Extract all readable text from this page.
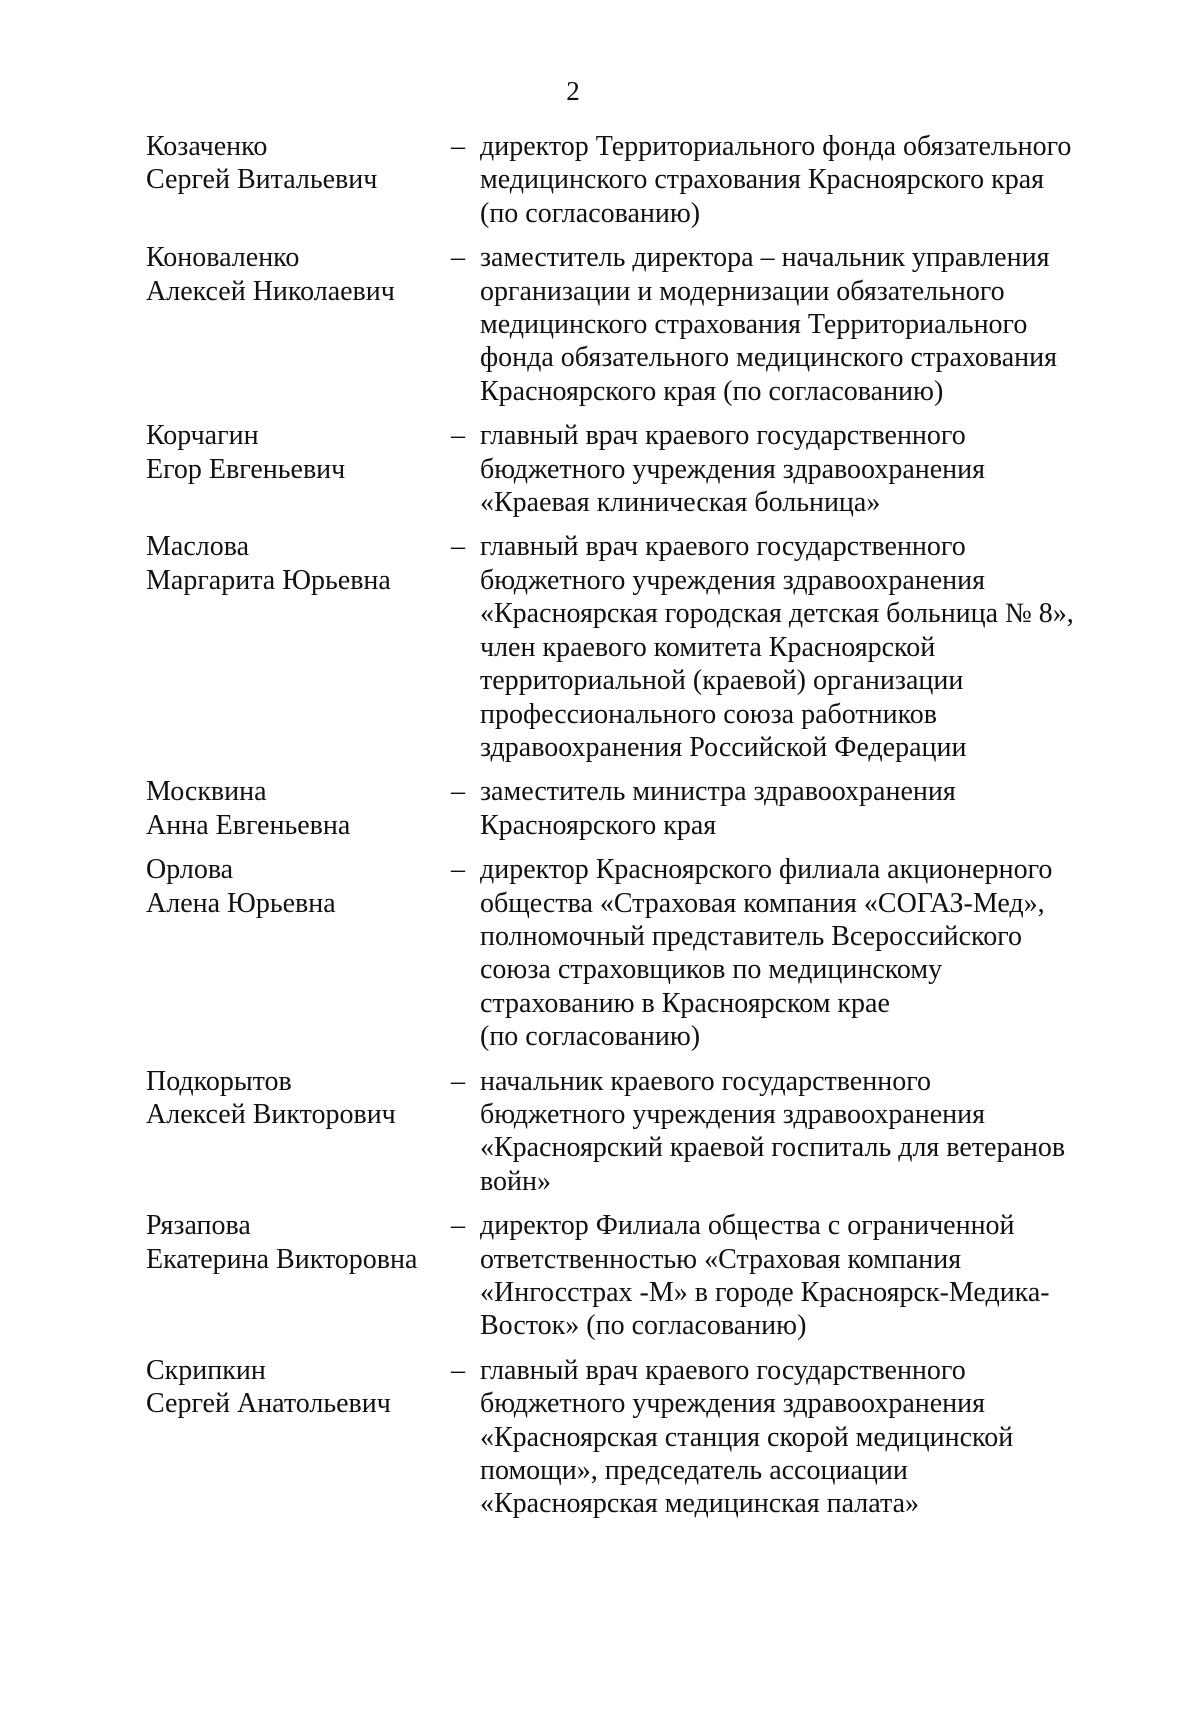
2
Козаченко
Сергей Витальевич
– директор Территориального фонда обязательного
медицинского страхования Красноярского края
(по согласованию)
Коноваленко
Алексей Николаевич
– заместитель директора – начальник управления
организации и модернизации обязательного
медицинского страхования Территориального
фонда обязательного медицинского страхования
Красноярского края (по согласованию)
Корчагин
Егор Евгеньевич
– главный врач краевого государственного
бюджетного учреждения здравоохранения
«Краевая клиническая больница»
Маслова
Маргарита Юрьевна
– главный врач краевого государственного
бюджетного учреждения здравоохранения
«Красноярская городская детская больница № 8»,
член краевого комитета Красноярской
территориальной (краевой) организации
профессионального союза работников
здравоохранения Российской Федерации
Москвина
Анна Евгеньевна
– заместитель министра здравоохранения
Красноярского края
Орлова
Алена Юрьевна
– директор Красноярского филиала акционерного
общества «Страховая компания «СОГАЗ-Мед»,
полномочный представитель Всероссийского
союза страховщиков по медицинскому
страхованию в Красноярском крае
(по согласованию)
Подкорытов
Алексей Викторович
– начальник краевого государственного
бюджетного учреждения здравоохранения
«Красноярский краевой госпиталь для ветеранов
войн»
Рязапова
Екатерина Викторовна
– директор Филиала общества с ограниченной
ответственностью «Страховая компания
«Ингосстрах -М» в городе Красноярск-Медика-
Восток» (по согласованию)
Скрипкин
Сергей Анатольевич
– главный врач краевого государственного
бюджетного учреждения здравоохранения
«Красноярская станция скорой медицинской
помощи», председатель ассоциации
«Красноярская медицинская палата»
